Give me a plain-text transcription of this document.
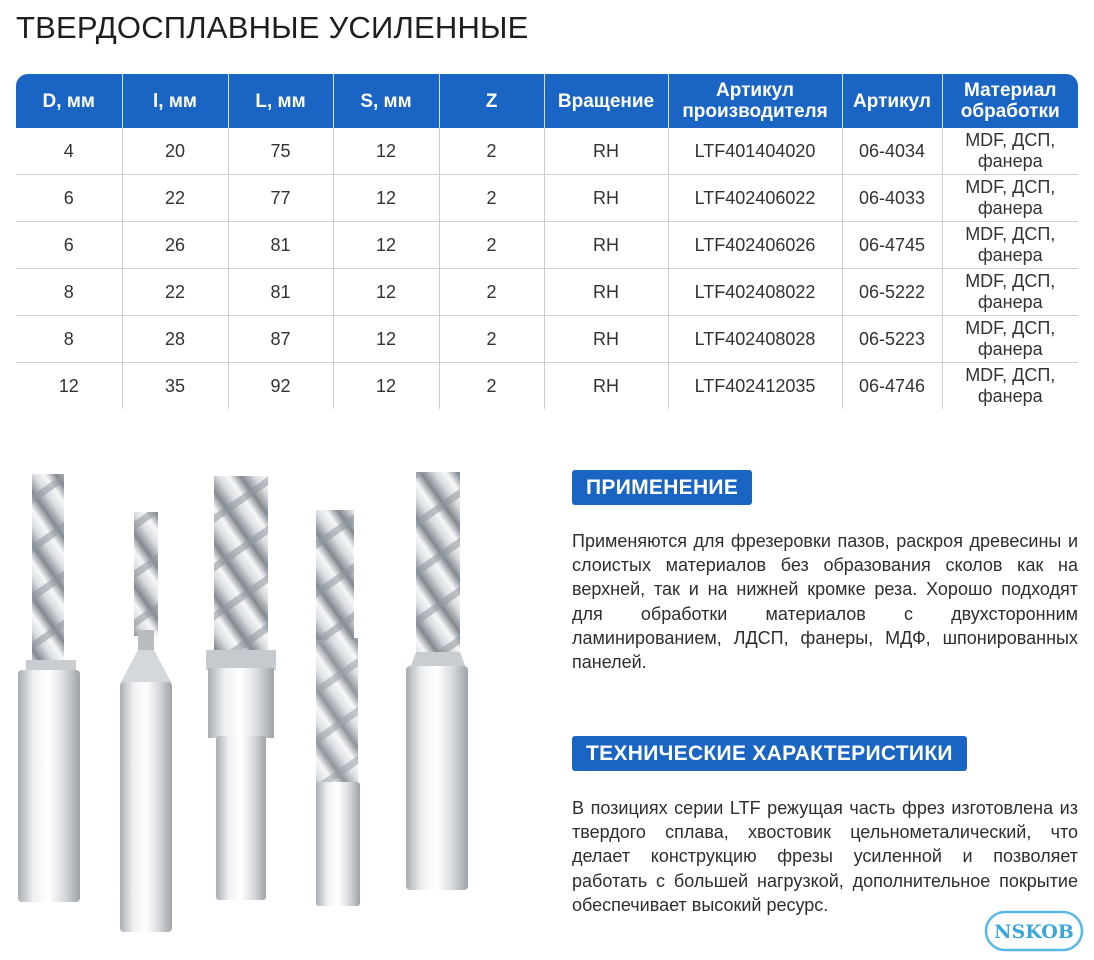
ТВЕРДОСПЛАВНЫЕ УСИЛЕННЫЕ
D, мм	l, мм	L, мм	S, мм	Z	Вращение	Артикул производителя	Артикул	Материал обработки
4	20	75	12	2	RH	LTF401404020	06-4034	MDF, ДСП, фанера
6	22	77	12	2	RH	LTF402406022	06-4033	MDF, ДСП, фанера
6	26	81	12	2	RH	LTF402406026	06-4745	MDF, ДСП, фанера
8	22	81	12	2	RH	LTF402408022	06-5222	MDF, ДСП, фанера
8	28	87	12	2	RH	LTF402408028	06-5223	MDF, ДСП, фанера
12	35	92	12	2	RH	LTF402412035	06-4746	MDF, ДСП, фанера
ПРИМЕНЕНИЕ

Применяются для фрезеровки пазов, раскроя древесины и слоистых материалов без образования сколов как на верхней, так и на нижней кромке реза. Хорошо подходят для обработки материалов с двухсторонним ламинированием, ЛДСП, фанеры, МДФ, шпонированных панелей.

ТЕХНИЧЕСКИЕ ХАРАКТЕРИСТИКИ

В позициях серии LTF режущая часть фрез изготовлена из твердого сплава, хвостовик цельнометалический, что делает конструкцию фрезы усиленной и позволяет работать с большей нагрузкой, дополнительное покрытие обеспечивает высокий ресурс.

NSKOB
